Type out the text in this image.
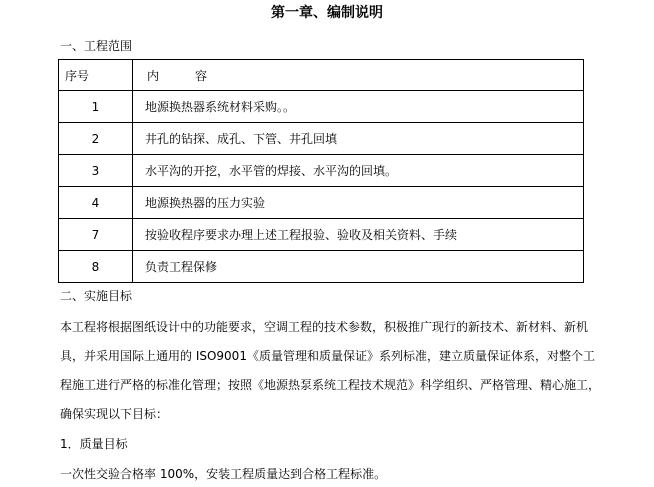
第一章、编制说明
一、工程范围
序号	内　　　容
1	地源换热器系统材料采购。。
2	井孔的钻探、成孔、下管、井孔回填
3	水平沟的开挖，水平管的焊接、水平沟的回填。
4	地源换热器的压力实验
7	按验收程序要求办理上述工程报验、验收及相关资料、手续
8	负责工程保修
二、实施目标
本工程将根据图纸设计中的功能要求，空调工程的技术参数，积极推广现行的新技术、新材料、新机
具，并采用国际上通用的 ISO9001《质量管理和质量保证》系列标准，建立质量保证体系，对整个工
程施工进行严格的标准化管理；按照《地源热泵系统工程技术规范》科学组织、严格管理、精心施工，
确保实现以下目标：
1．质量目标
一次性交验合格率 100%，安装工程质量达到合格工程标准。
